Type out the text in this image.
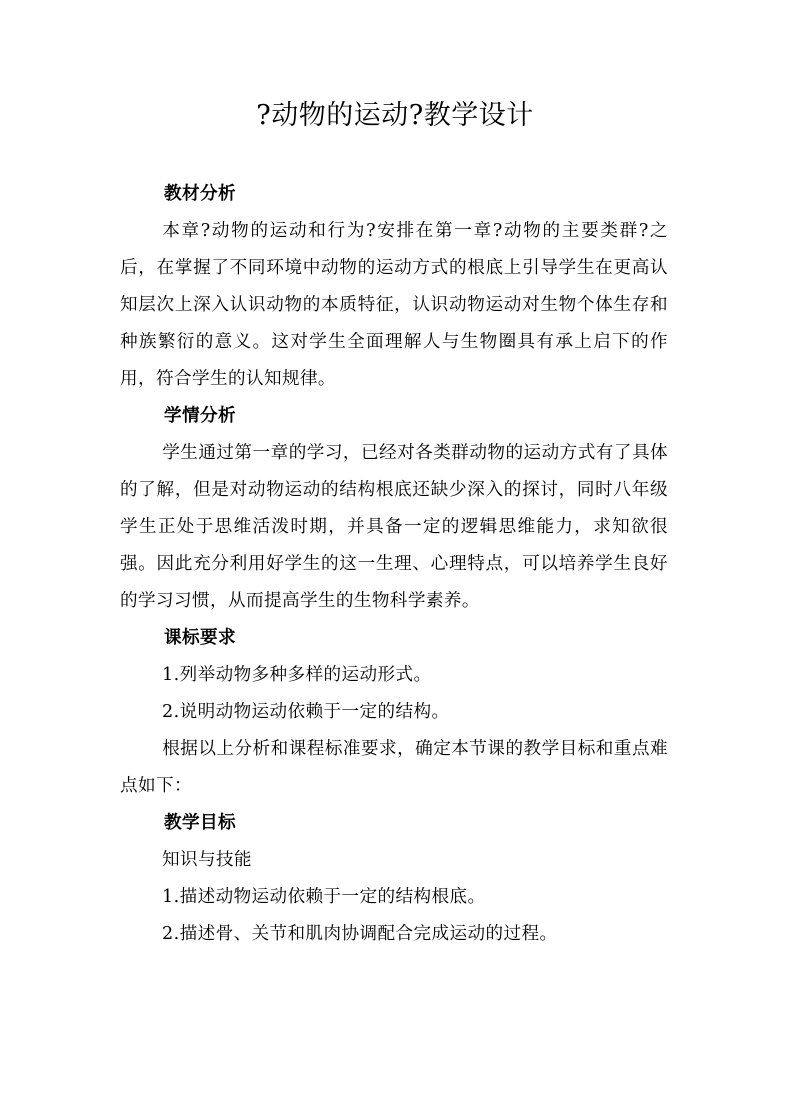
?动物的运动?教学设计

教材分析

本章?动物的运动和行为?安排在第一章?动物的主要类群?之后，在掌握了不同环境中动物的运动方式的根底上引导学生在更高认知层次上深入认识动物的本质特征，认识动物运动对生物个体生存和种族繁衍的意义。这对学生全面理解人与生物圈具有承上启下的作用，符合学生的认知规律。

学情分析

学生通过第一章的学习，已经对各类群动物的运动方式有了具体的了解，但是对动物运动的结构根底还缺少深入的探讨，同时八年级学生正处于思维活泼时期，并具备一定的逻辑思维能力，求知欲很强。因此充分利用好学生的这一生理、心理特点，可以培养学生良好的学习习惯，从而提高学生的生物科学素养。

课标要求

1.列举动物多种多样的运动形式。

2.说明动物运动依赖于一定的结构。

根据以上分析和课程标准要求，确定本节课的教学目标和重点难点如下：

教学目标

知识与技能

1.描述动物运动依赖于一定的结构根底。

2.描述骨、关节和肌肉协调配合完成运动的过程。
